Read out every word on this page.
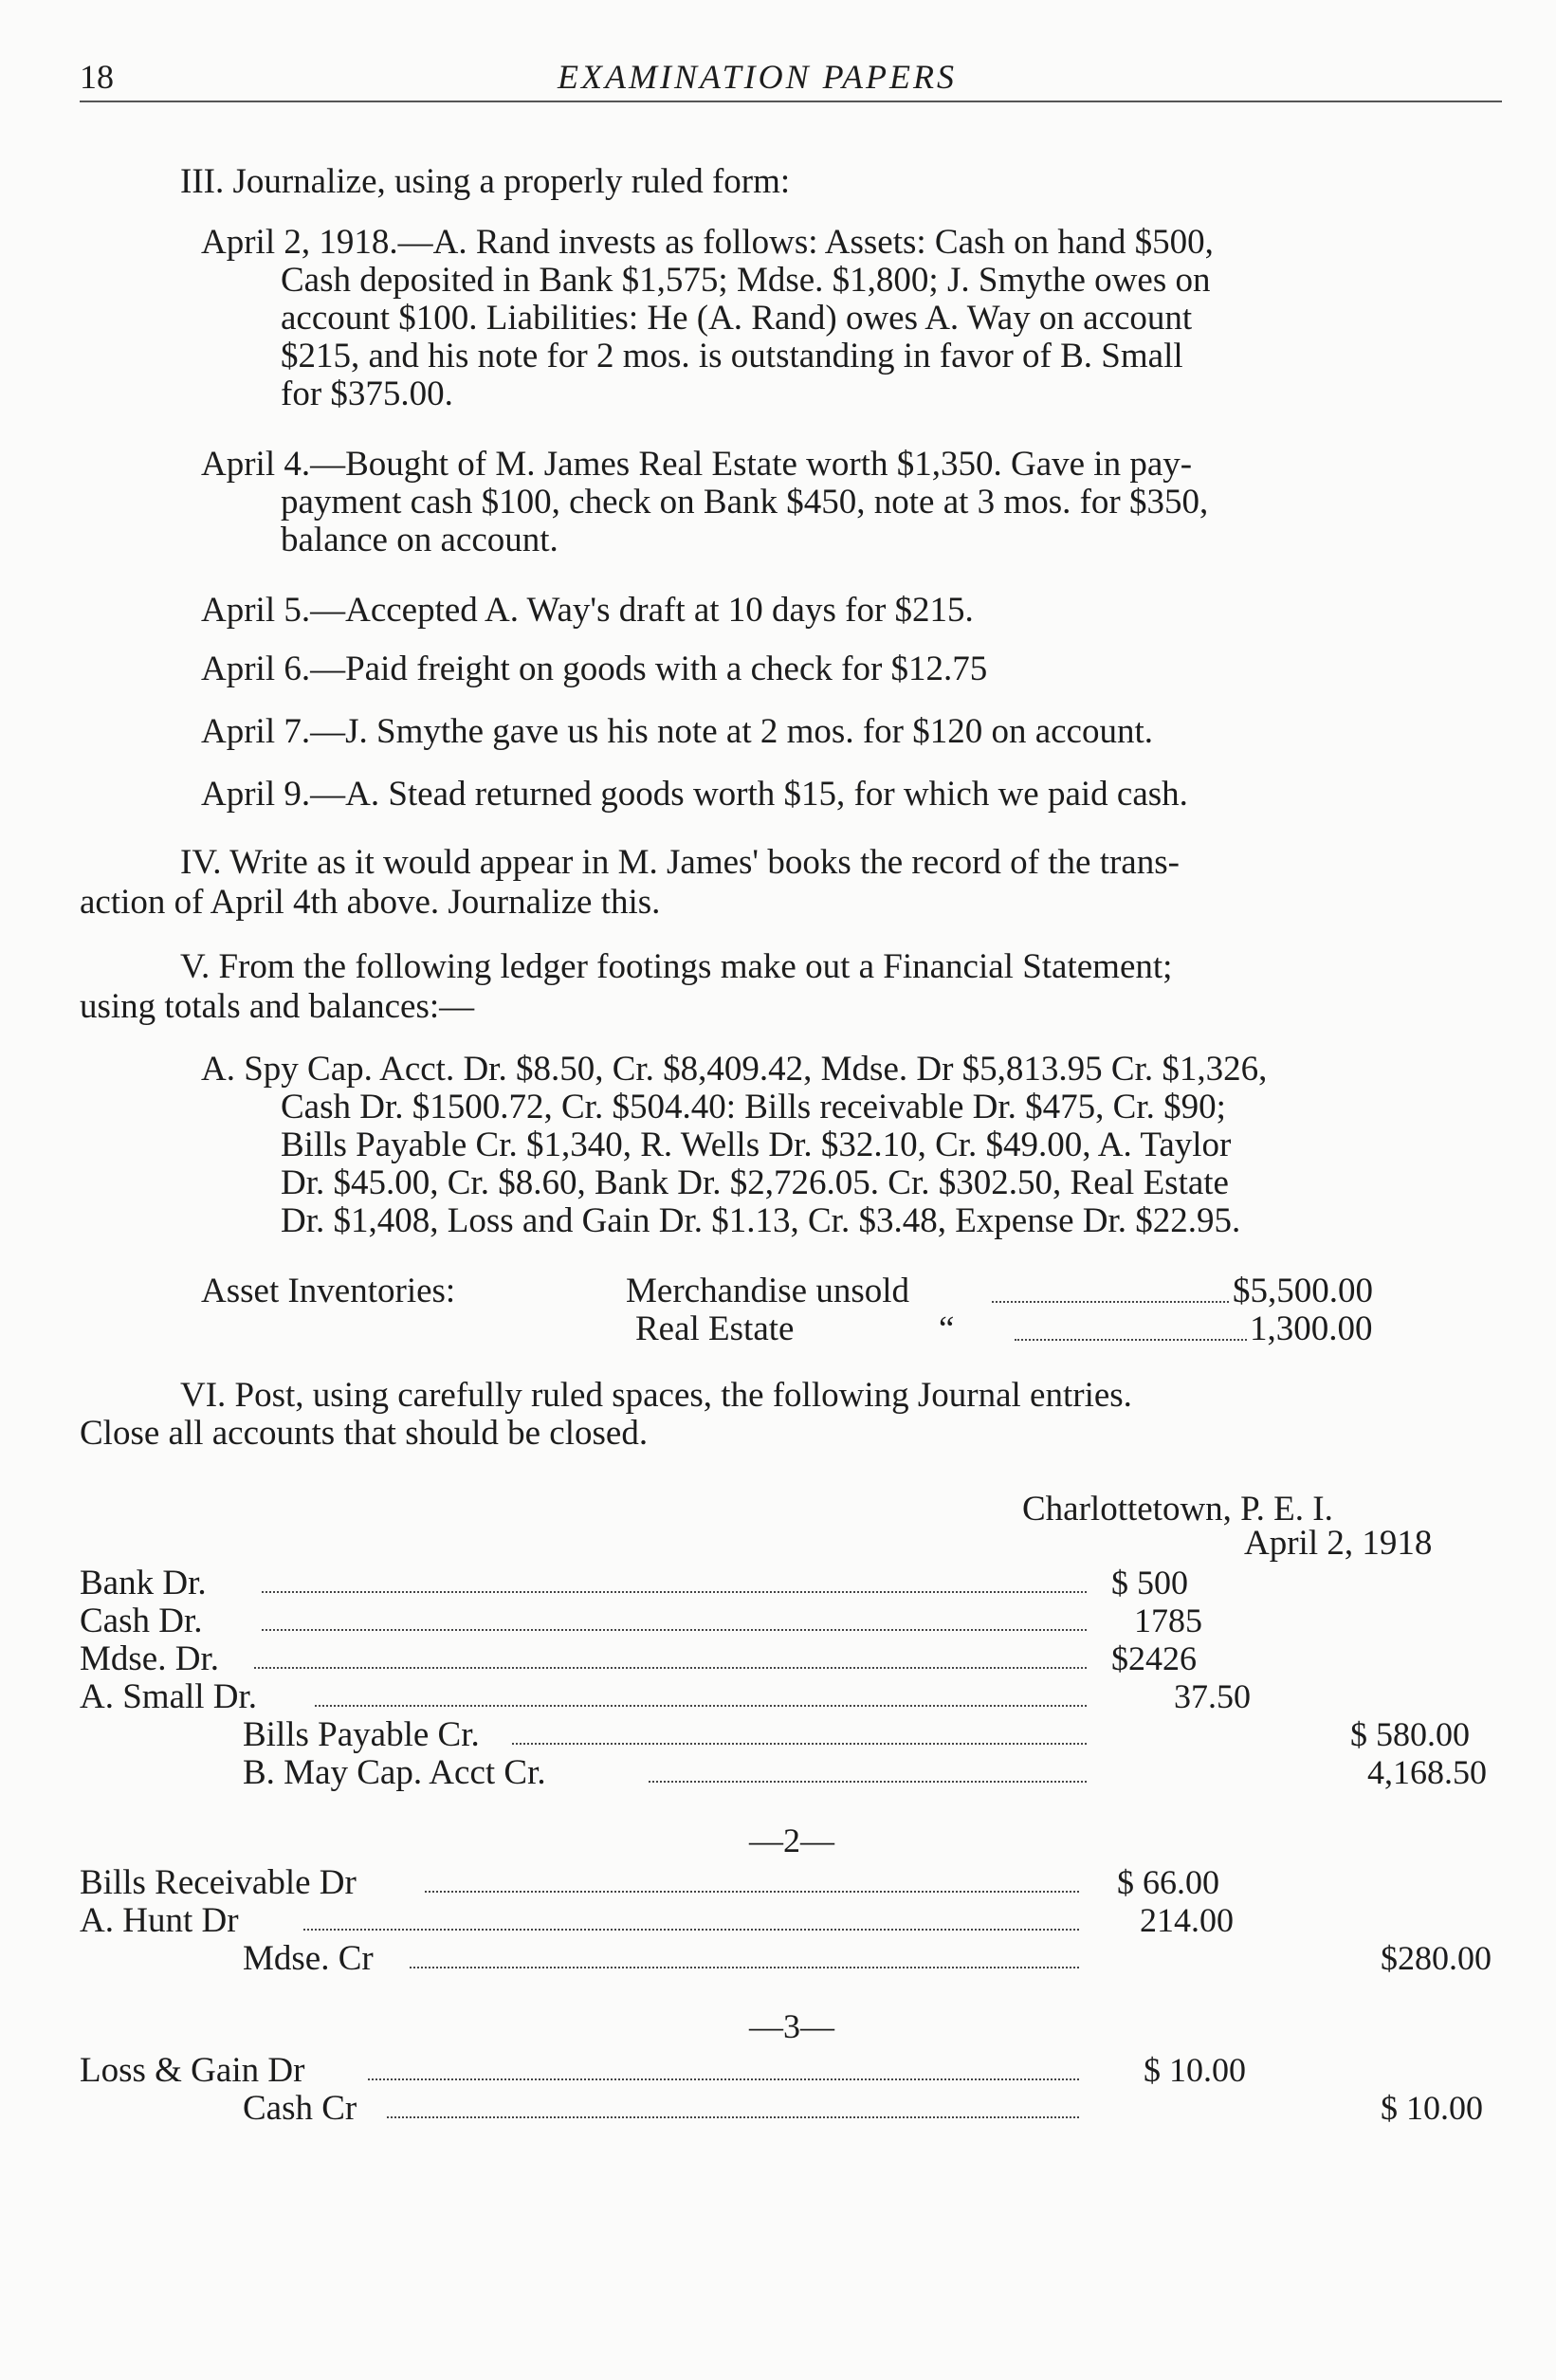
18	EXAMINATION PAPERS
III. Journalize, using a properly ruled form:
April 2, 1918.—A. Rand invests as follows: Assets: Cash on hand $500,
Cash deposited in Bank $1,575; Mdse. $1,800; J. Smythe owes on
account $100. Liabilities: He (A. Rand) owes A. Way on account
$215, and his note for 2 mos. is outstanding in favor of B. Small
for $375.00.
April 4.—Bought of M. James Real Estate worth $1,350. Gave in pay-
payment cash $100, check on Bank $450, note at 3 mos. for $350,
balance on account.
April 5.—Accepted A. Way's draft at 10 days for $215.
April 6.—Paid freight on goods with a check for $12.75
April 7.—J. Smythe gave us his note at 2 mos. for $120 on account.
April 9.—A. Stead returned goods worth $15, for which we paid cash.
IV. Write as it would appear in M. James' books the record of the trans-
action of April 4th above. Journalize this.
V. From the following ledger footings make out a Financial Statement;
using totals and balances:—
A. Spy Cap. Acct. Dr. $8.50, Cr. $8,409.42, Mdse. Dr $5,813.95 Cr. $1,326,
Cash Dr. $1500.72, Cr. $504.40: Bills receivable Dr. $475, Cr. $90;
Bills Payable Cr. $1,340, R. Wells Dr. $32.10, Cr. $49.00, A. Taylor
Dr. $45.00, Cr. $8.60, Bank Dr. $2,726.05. Cr. $302.50, Real Estate
Dr. $1,408, Loss and Gain Dr. $1.13, Cr. $3.48, Expense Dr. $22.95.
Asset Inventories:	Merchandise unsold	$5,500.00
Real Estate	“	1,300.00
VI. Post, using carefully ruled spaces, the following Journal entries.
Close all accounts that should be closed.
Charlottetown, P. E. I.
April 2, 1918
Bank Dr.	$ 500
Cash Dr.	1785
Mdse. Dr.	$2426
A. Small Dr.	37.50
Bills Payable Cr.	$ 580.00
B. May Cap. Acct Cr.	4,168.50
—2—
Bills Receivable Dr	$ 66.00
A. Hunt Dr	214.00
Mdse. Cr	$280.00
—3—
Loss & Gain Dr	$ 10.00
Cash Cr	$ 10.00
